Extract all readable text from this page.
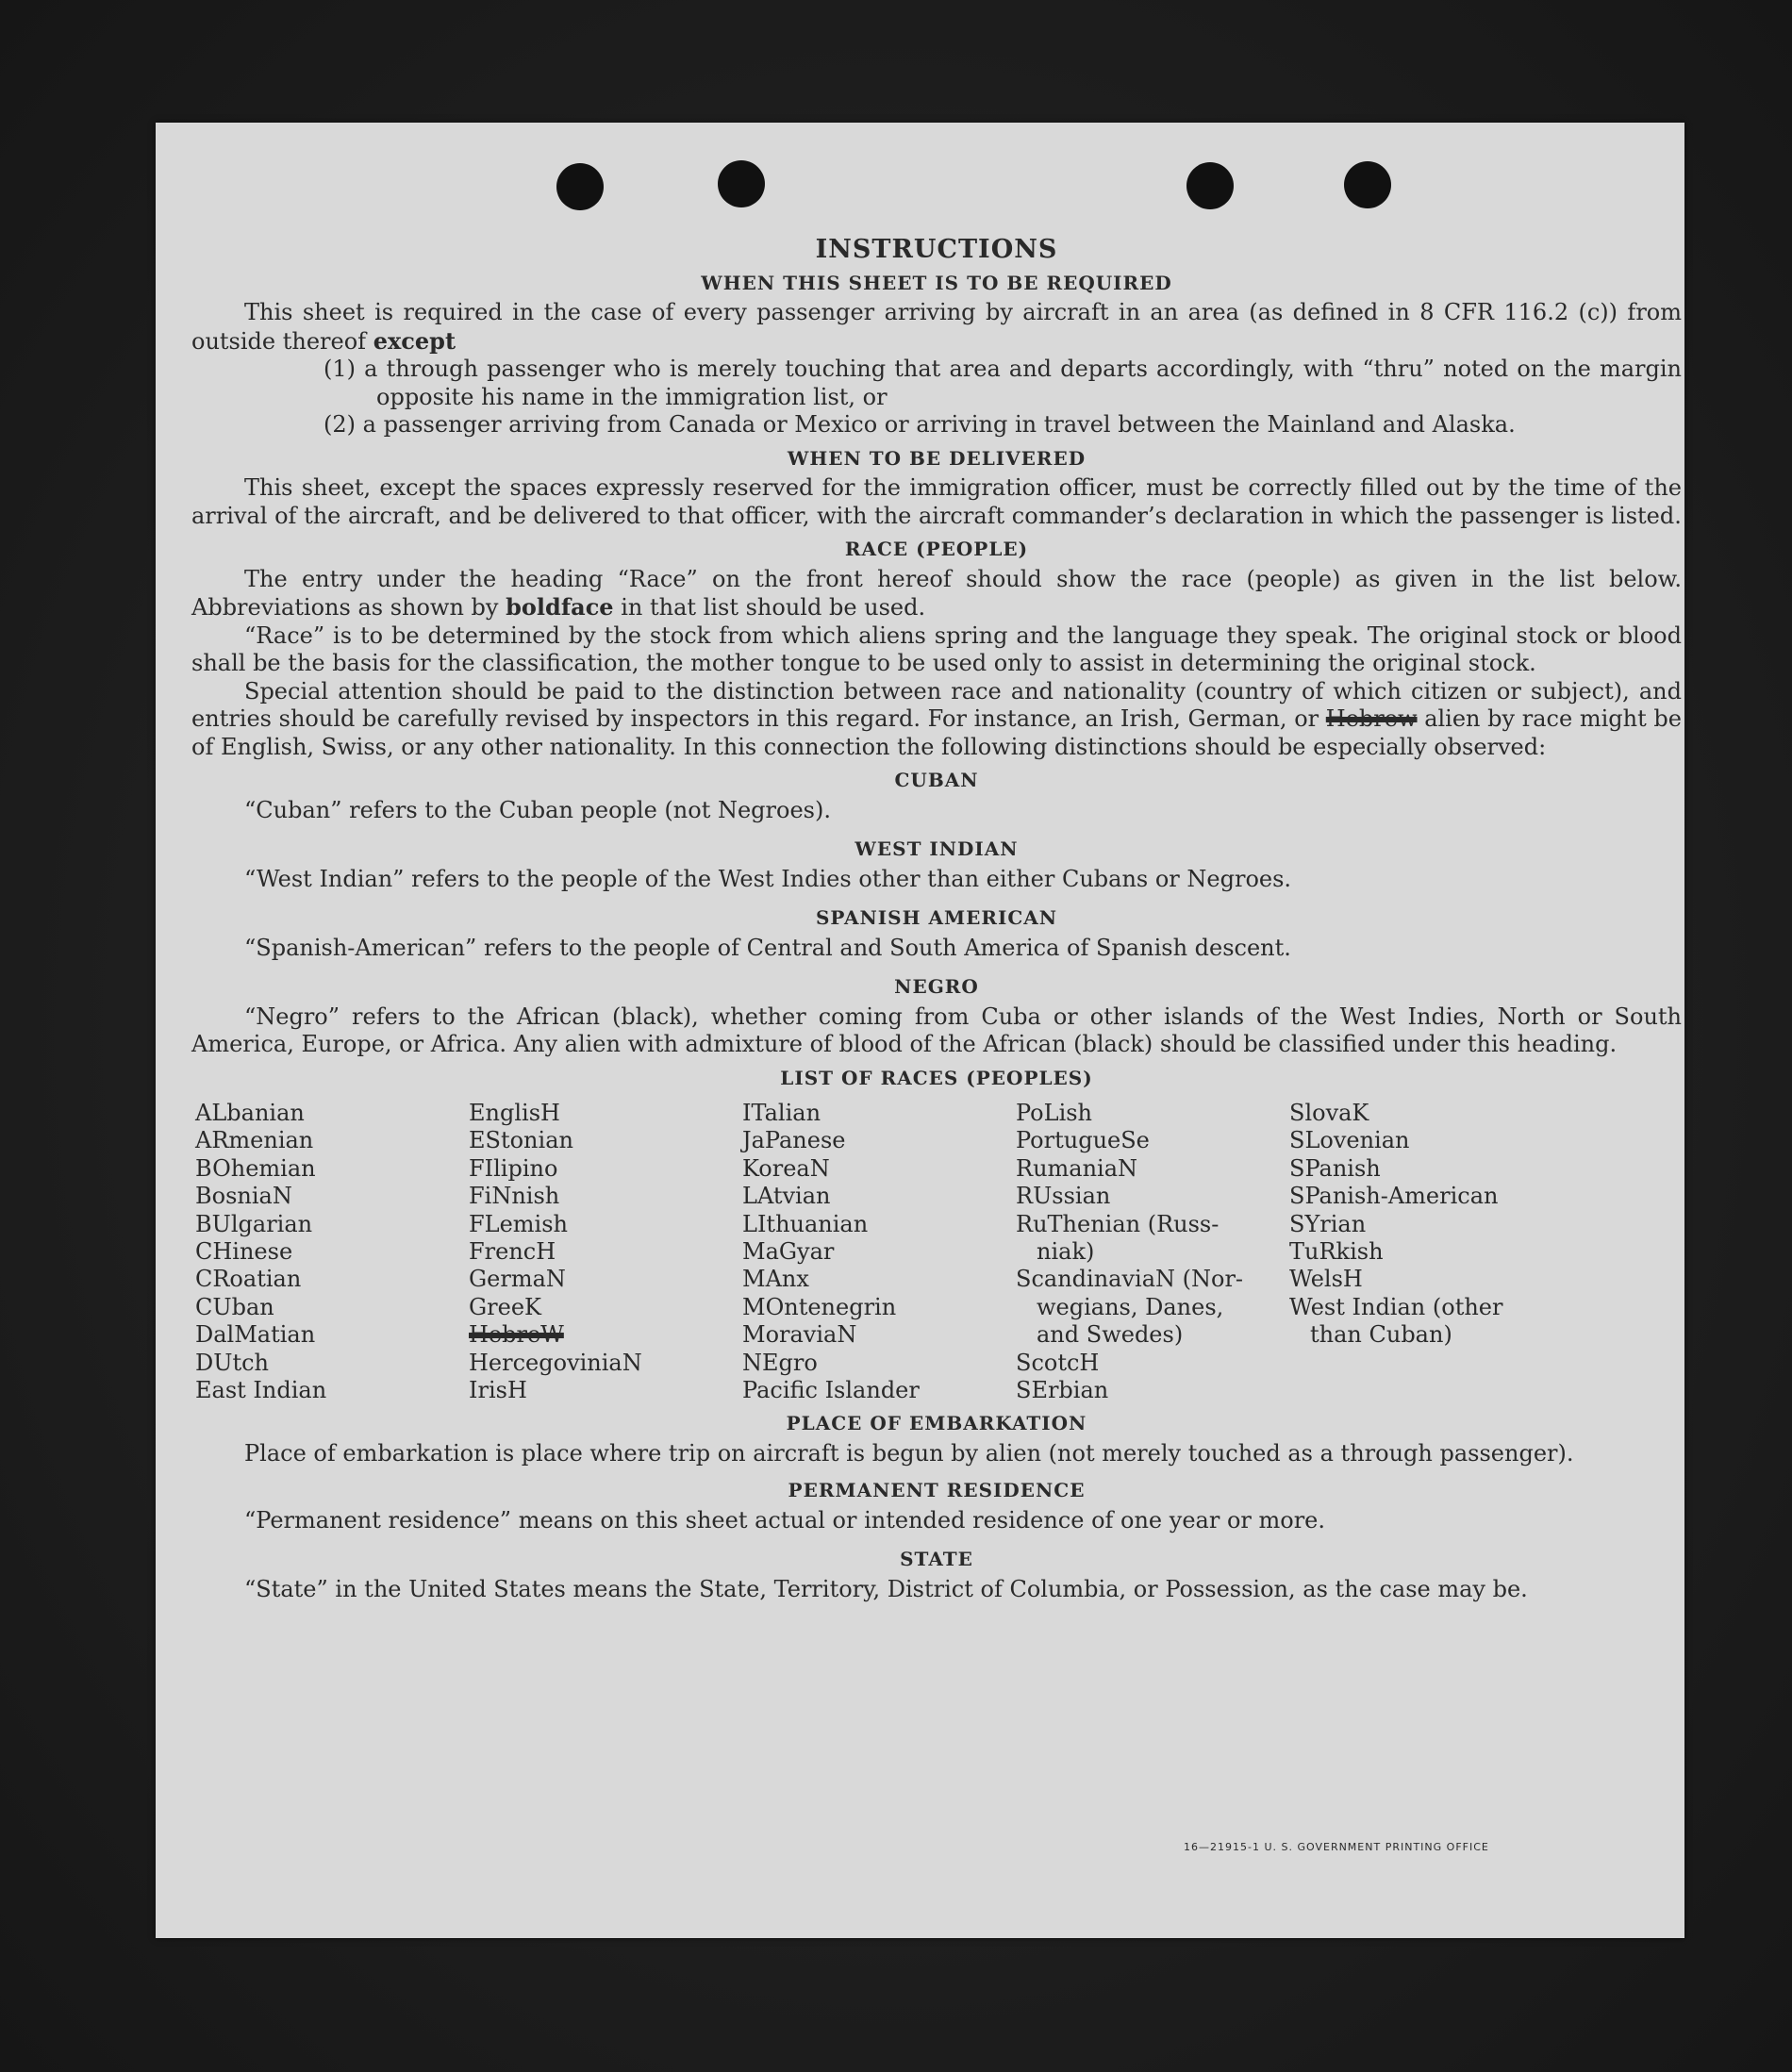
INSTRUCTIONS
WHEN THIS SHEET IS TO BE REQUIRED

This sheet is required in the case of every passenger arriving by aircraft in an area (as defined in 8 CFR 116.2 (c)) from outside thereof except

(1) a through passenger who is merely touching that area and departs accordingly, with “thru” noted on the margin opposite his name in the immigration list, or

(2) a passenger arriving from Canada or Mexico or arriving in travel between the Mainland and Alaska.

WHEN TO BE DELIVERED

This sheet, except the spaces expressly reserved for the immigration officer, must be correctly filled out by the time of the arrival of the aircraft, and be delivered to that officer, with the aircraft commander’s declaration in which the passenger is listed.

RACE (PEOPLE)

The entry under the heading “Race” on the front hereof should show the race (people) as given in the list below. Abbreviations as shown by boldface in that list should be used.

“Race” is to be determined by the stock from which aliens spring and the language they speak. The original stock or blood shall be the basis for the classification, the mother tongue to be used only to assist in determining the original stock.

Special attention should be paid to the distinction between race and nationality (country of which citizen or subject), and entries should be carefully revised by inspectors in this regard. For instance, an Irish, German, or Hebrew alien by race might be of English, Swiss, or any other nationality. In this connection the following distinctions should be especially observed:

CUBAN

“Cuban” refers to the Cuban people (not Negroes).

WEST INDIAN

“West Indian” refers to the people of the West Indies other than either Cubans or Negroes.

SPANISH AMERICAN

“Spanish-American” refers to the people of Central and South America of Spanish descent.

NEGRO

“Negro” refers to the African (black), whether coming from Cuba or other islands of the West Indies, North or South America, Europe, or Africa. Any alien with admixture of blood of the African (black) should be classified under this heading.

LIST OF RACES (PEOPLES)
ALbanian
ARmenian
BOhemian
BosniaN
BUlgarian
CHinese
CRoatian
CUban
DalMatian
DUtch
East Indian
EnglisH
EStonian
FIlipino
FiNnish
FLemish
FrencH
GermaN
GreeK
HebreW
HercegoviniaN
IrisH
ITalian
JaPanese
KoreaN
LAtvian
LIthuanian
MaGyar
MAnx
MOntenegrin
MoraviaN
NEgro
Pacific Islander
PoLish
PortugueSe
RumaniaN
RUssian
RuThenian (Russ-
niak)
ScandinaviaN (Nor-
wegians, Danes,
and Swedes)
ScotcH
SErbian
SlovaK
SLovenian
SPanish
SPanish-American
SYrian
TuRkish
WelsH
West Indian (other
than Cuban)
PLACE OF EMBARKATION

Place of embarkation is place where trip on aircraft is begun by alien (not merely touched as a through passenger).

PERMANENT RESIDENCE

“Permanent residence” means on this sheet actual or intended residence of one year or more.

STATE

“State” in the United States means the State, Territory, District of Columbia, or Possession, as the case may be.

16—21915-1 U. S. GOVERNMENT PRINTING OFFICE
